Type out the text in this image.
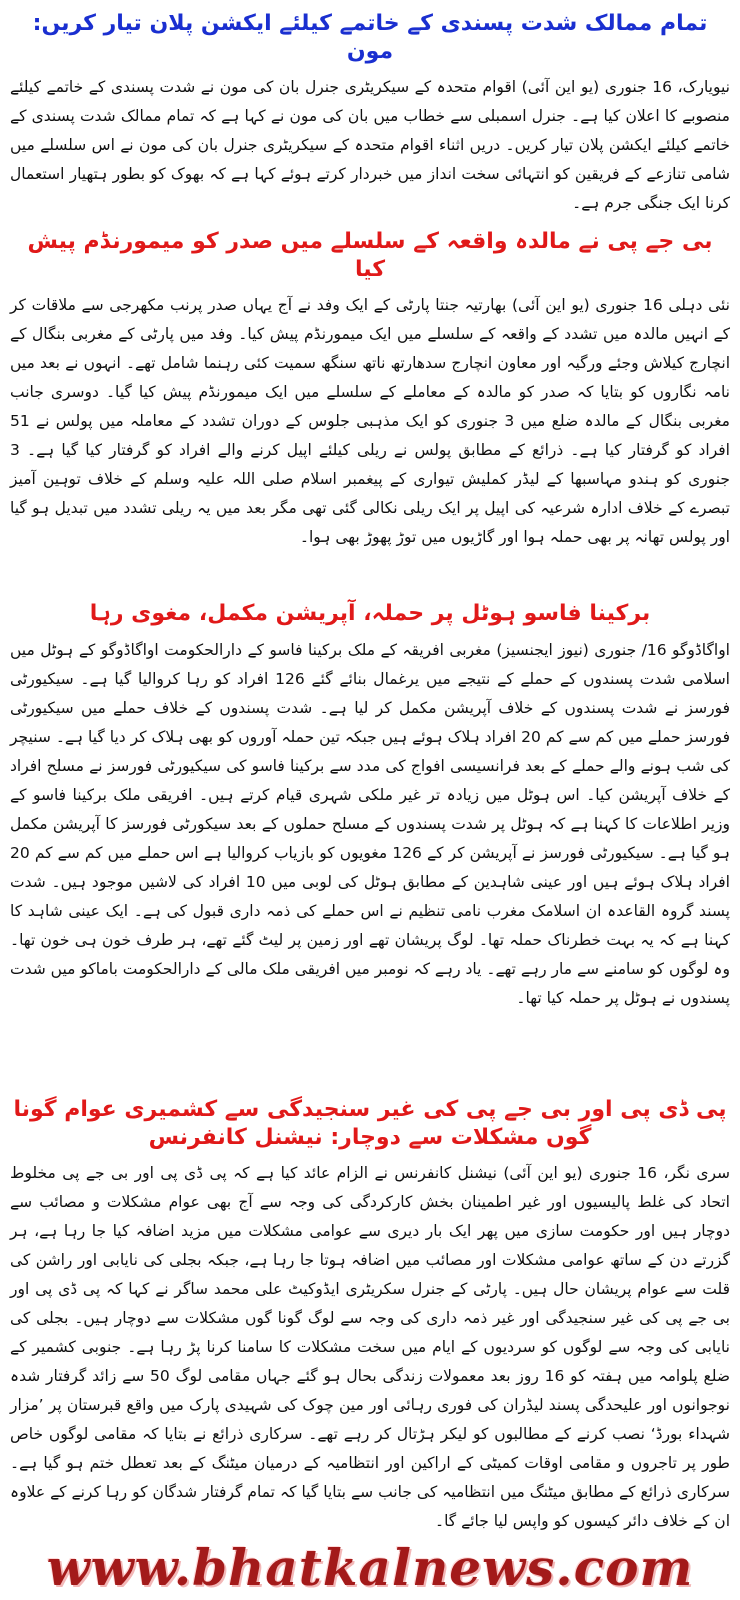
تمام ممالک شدت پسندی کے خاتمے کیلئے ایکشن پلان تیار کریں: مون

نیویارک، 16 جنوری (یو این آئی) اقوام متحدہ کے سیکریٹری جنرل بان کی مون نے شدت پسندی کے خاتمے کیلئے منصوبے کا اعلان کیا ہے۔ جنرل اسمبلی سے خطاب میں بان کی مون نے کہا ہے کہ تمام ممالک شدت پسندی کے خاتمے کیلئے ایکشن پلان تیار کریں۔ دریں اثناء اقوام متحدہ کے سیکریٹری جنرل بان کی مون نے اس سلسلے میں شامی تنازعے کے فریقین کو انتہائی سخت انداز میں خبردار کرتے ہوئے کہا ہے کہ بھوک کو بطور ہتھیار استعمال کرنا ایک جنگی جرم ہے۔

بی جے پی نے مالدہ واقعہ کے سلسلے میں صدر کو میمورنڈم پیش کیا

نئی دہلی 16 جنوری (یو این آئی) بھارتیہ جنتا پارٹی کے ایک وفد نے آج یہاں صدر پرنب مکھرجی سے ملاقات کر کے انہیں مالدہ میں تشدد کے واقعہ کے سلسلے میں ایک میمورنڈم پیش کیا۔ وفد میں پارٹی کے مغربی بنگال کے انچارج کیلاش وجئے ورگیہ اور معاون انچارج سدھارتھ ناتھ سنگھ سمیت کئی رہنما شامل تھے۔ انہوں نے بعد میں نامہ نگاروں کو بتایا کہ صدر کو مالدہ کے معاملے کے سلسلے میں ایک میمورنڈم پیش کیا گیا۔ دوسری جانب مغربی بنگال کے مالدہ ضلع میں 3 جنوری کو ایک مذہبی جلوس کے دوران تشدد کے معاملہ میں پولس نے 51 افراد کو گرفتار کیا ہے۔ ذرائع کے مطابق پولس نے ریلی کیلئے اپیل کرنے والے افراد کو گرفتار کیا گیا ہے۔ 3 جنوری کو ہندو مہاسبھا کے لیڈر کملیش تیواری کے پیغمبر اسلام صلی اللہ علیہ وسلم کے خلاف توہین آمیز تبصرے کے خلاف ادارہ شرعیہ کی اپیل پر ایک ریلی نکالی گئی تھی مگر بعد میں یہ ریلی تشدد میں تبدیل ہو گیا اور پولس تھانہ پر بھی حملہ ہوا اور گاڑیوں میں توڑ پھوڑ بھی ہوا۔

برکینا فاسو ہوٹل پر حملہ، آپریشن مکمل، مغوی رہا

اواگاڈوگو 16/ جنوری (نیوز ایجنسیز) مغربی افریقہ کے ملک برکینا فاسو کے دارالحکومت اواگاڈوگو کے ہوٹل میں اسلامی شدت پسندوں کے حملے کے نتیجے میں یرغمال بنائے گئے 126 افراد کو رہا کروالیا گیا ہے۔ سیکیورٹی فورسز نے شدت پسندوں کے خلاف آپریشن مکمل کر لیا ہے۔ شدت پسندوں کے خلاف حملے میں سیکیورٹی فورسز حملے میں کم سے کم 20 افراد ہلاک ہوئے ہیں جبکہ تین حملہ آوروں کو بھی ہلاک کر دیا گیا ہے۔ سنیچر کی شب ہونے والے حملے کے بعد فرانسیسی افواج کی مدد سے برکینا فاسو کی سیکیورٹی فورسز نے مسلح افراد کے خلاف آپریشن کیا۔ اس ہوٹل میں زیادہ تر غیر ملکی شہری قیام کرتے ہیں۔ افریقی ملک برکینا فاسو کے وزیر اطلاعات کا کہنا ہے کہ ہوٹل پر شدت پسندوں کے مسلح حملوں کے بعد سیکورٹی فورسز کا آپریشن مکمل ہو گیا ہے۔ سیکیورٹی فورسز نے آپریشن کر کے 126 مغویوں کو بازیاب کروالیا ہے اس حملے میں کم سے کم 20 افراد ہلاک ہوئے ہیں اور عینی شاہدین کے مطابق ہوٹل کی لوبی میں 10 افراد کی لاشیں موجود ہیں۔ شدت پسند گروہ القاعدہ ان اسلامک مغرب نامی تنظیم نے اس حملے کی ذمہ داری قبول کی ہے۔ ایک عینی شاہد کا کہنا ہے کہ یہ بہت خطرناک حملہ تھا۔ لوگ پریشان تھے اور زمین پر لیٹ گئے تھے، ہر طرف خون ہی خون تھا۔ وہ لوگوں کو سامنے سے مار رہے تھے۔ یاد رہے کہ نومبر میں افریقی ملک مالی کے دارالحکومت باماکو میں شدت پسندوں نے ہوٹل پر حملہ کیا تھا۔

پی ڈی پی اور بی جے پی کی غیر سنجیدگی سے کشمیری عوام گونا گوں مشکلات سے دوچار: نیشنل کانفرنس

سری نگر، 16 جنوری (یو این آئی) نیشنل کانفرنس نے الزام عائد کیا ہے کہ پی ڈی پی اور بی جے پی مخلوط اتحاد کی غلط پالیسیوں اور غیر اطمینان بخش کارکردگی کی وجہ سے آج بھی عوام مشکلات و مصائب سے دوچار ہیں اور حکومت سازی میں پھر ایک بار دیری سے عوامی مشکلات میں مزید اضافہ کیا جا رہا ہے، ہر گزرتے دن کے ساتھ عوامی مشکلات اور مصائب میں اضافہ ہوتا جا رہا ہے، جبکہ بجلی کی نایابی اور راشن کی قلت سے عوام پریشان حال ہیں۔ پارٹی کے جنرل سکریٹری ایڈوکیٹ علی محمد ساگر نے کہا کہ پی ڈی پی اور بی جے پی کی غیر سنجیدگی اور غیر ذمہ داری کی وجہ سے لوگ گونا گوں مشکلات سے دوچار ہیں۔ بجلی کی نایابی کی وجہ سے لوگوں کو سردیوں کے ایام میں سخت مشکلات کا سامنا کرنا پڑ رہا ہے۔ جنوبی کشمیر کے ضلع پلوامہ میں ہفتہ کو 16 روز بعد معمولات زندگی بحال ہو گئے جہاں مقامی لوگ 50 سے زائد گرفتار شدہ نوجوانوں اور علیحدگی پسند لیڈران کی فوری رہائی اور مین چوک کی شہیدی پارک میں واقع قبرستان پر ’مزار شہداء بورڈ‘ نصب کرنے کے مطالبوں کو لیکر ہڑتال کر رہے تھے۔ سرکاری ذرائع نے بتایا کہ مقامی لوگوں خاص طور پر تاجروں و مقامی اوقات کمیٹی کے اراکین اور انتظامیہ کے درمیان میٹنگ کے بعد تعطل ختم ہو گیا ہے۔ سرکاری ذرائع کے مطابق میٹنگ میں انتظامیہ کی جانب سے بتایا گیا کہ تمام گرفتار شدگان کو رہا کرنے کے علاوہ ان کے خلاف دائر کیسوں کو واپس لیا جائے گا۔

www.bhatkalnews.com
